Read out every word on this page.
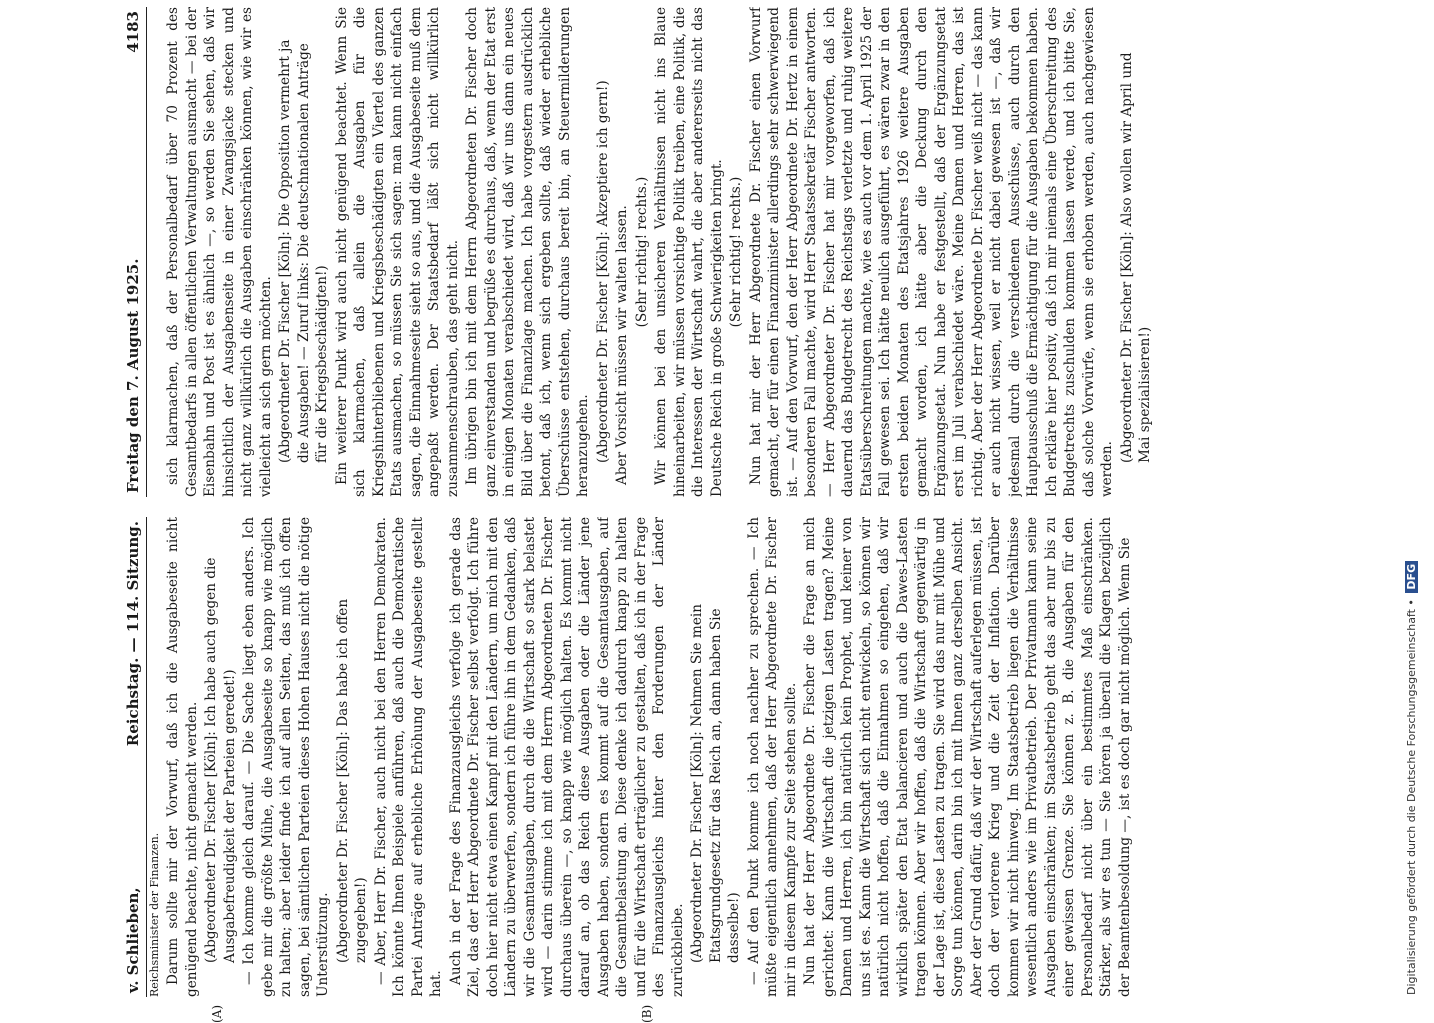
v. Schlieben,
Reichstag. — 114. Sitzung.
Freitag den 7. August 1925.
4183
Reichsminister der Finanzen. Darum sollte mir der Vorwurf, daß ich die Ausgabeseite nicht genügend beachte, nicht gemacht werden. (Abgeordneter Dr. Fischer [Köln]: Ich habe auch gegen die Ausgabefreudigkeit der Parteien geredet!) — Ich komme gleich darauf. — Die Sache liegt eben anders. Ich gebe mir die größte Mühe, die Ausgabeseite so knapp wie möglich zu halten; aber leider finde ich auf allen Seiten, das muß ich offen sagen, bei sämtlichen Parteien dieses Hohen Hauses nicht die nötige Unterstützung. (Abgeordneter Dr. Fischer [Köln]: Das habe ich offen zugegeben!) — Aber, Herr Dr. Fischer, auch nicht bei den Herren Demokraten. Ich könnte Ihnen Beispiele anführen, daß auch die Demokratische Partei Anträge auf erhebliche Erhöhung der Ausgabeseite gestellt hat. Auch in der Frage des Finanzausgleichs verfolge ich gerade das Ziel, das der Herr Abgeordnete Dr. Fischer selbst verfolgt. Ich führe doch hier nicht etwa einen Kampf mit den Ländern, um mich mit den Ländern zu überwerfen, sondern ich führe ihn in dem Gedanken, daß wir die Gesamtausgaben, durch die die Wirtschaft so stark belastet wird — darin stimme ich mit dem Herrn Abgeordneten Dr. Fischer durchaus überein —, so knapp wie möglich halten. Es kommt nicht darauf an, ob das Reich diese Ausgaben oder die Länder jene Ausgaben haben, sondern es kommt auf die Gesamtausgaben, auf die Gesamtbelastung an. Diese denke ich dadurch knapp zu halten und für die Wirtschaft erträglicher zu gestalten, daß ich in der Frage des Finanzausgleichs hinter den Forderungen der Länder zurückbleibe. (Abgeordneter Dr. Fischer [Köln]: Nehmen Sie mein Etatsgrundgesetz für das Reich an, dann haben Sie dasselbe!) — Auf den Punkt komme ich noch nachher zu sprechen. — Ich müßte eigentlich annehmen, daß der Herr Abgeordnete Dr. Fischer mir in diesem Kampfe zur Seite stehen sollte. Nun hat der Herr Abgeordnete Dr. Fischer die Frage an mich gerichtet: Kann die Wirtschaft die jetzigen Lasten tragen? Meine Damen und Herren, ich bin natürlich kein Prophet, und keiner von uns ist es. Kann die Wirtschaft sich nicht entwickeln, so können wir natürlich nicht hoffen, daß die Einnahmen so eingehen, daß wir wirklich später den Etat balancieren und auch die Dawes-Lasten tragen können. Aber wir hoffen, daß die Wirtschaft gegenwärtig in der Lage ist, diese Lasten zu tragen. Sie wird das nur mit Mühe und Sorge tun können, darin bin ich mit Ihnen ganz derselben Ansicht. Aber der Grund dafür, daß wir der Wirtschaft auferlegen müssen, ist doch der verlorene Krieg und die Zeit der Inflation. Darüber kommen wir nicht hinweg. Im Staatsbetrieb liegen die Verhältnisse wesentlich anders wie im Privatbetrieb. Der Privatmann kann seine Ausgaben einschränken; im Staatsbetrieb geht das aber nur bis zu einer gewissen Grenze. Sie können z. B. die Ausgaben für den Personalbedarf nicht über ein bestimmtes Maß einschränken. Stärker, als wir es tun — Sie hören ja überall die Klagen bezüglich der Beamtenbesoldung —, ist es doch gar nicht möglich. Wenn Sie

sich klarmachen, daß der Personalbedarf über 70 Prozent des Gesamtbedarfs in allen öffentlichen Verwaltungen ausmacht — bei der Eisenbahn und Post ist es ähnlich —, so werden Sie sehen, daß wir hinsichtlich der Ausgabenseite in einer Zwangsjacke stecken und nicht ganz willkürlich die Ausgaben einschränken können, wie wir es vielleicht an sich gern möchten. (Abgeordneter Dr. Fischer [Köln]: Die Opposition vermehrt ja die Ausgaben! — Zuruf links: Die deutschnationalen Anträge für die Kriegsbeschädigten!) Ein weiterer Punkt wird auch nicht genügend beachtet. Wenn Sie sich klarmachen, daß allein die Ausgaben für die Kriegshinterbliebenen und Kriegsbeschädigten ein Viertel des ganzen Etats ausmachen, so müssen Sie sich sagen: man kann nicht einfach sagen, die Einnahmeseite sieht so aus, und die Ausgabeseite muß dem angepaßt werden. Der Staatsbedarf läßt sich nicht willkürlich zusammenschrauben, das geht nicht. Im übrigen bin ich mit dem Herrn Abgeordneten Dr. Fischer doch ganz einverstanden und begrüße es durchaus, daß, wenn der Etat erst in einigen Monaten verabschiedet wird, daß wir uns dann ein neues Bild über die Finanzlage machen. Ich habe vorgestern ausdrücklich betont, daß ich, wenn sich ergeben sollte, daß wieder erhebliche Überschüsse entstehen, durchaus bereit bin, an Steuermilderungen heranzugehen. (Abgeordneter Dr. Fischer [Köln]: Akzeptiere ich gern!) Aber Vorsicht müssen wir walten lassen. (Sehr richtig! rechts.) Wir können bei den unsicheren Verhältnissen nicht ins Blaue hineinarbeiten, wir müssen vorsichtige Politik treiben, eine Politik, die die Interessen der Wirtschaft wahrt, die aber andererseits nicht das Deutsche Reich in große Schwierigkeiten bringt. (Sehr richtig! rechts.) Nun hat mir der Herr Abgeordnete Dr. Fischer einen Vorwurf gemacht, der für einen Finanzminister allerdings sehr schwerwiegend ist. — Auf den Vorwurf, den der Herr Abgeordnete Dr. Hertz in einem besonderen Fall machte, wird Herr Staatssekretär Fischer antworten. — Herr Abgeordneter Dr. Fischer hat mir vorgeworfen, daß ich dauernd das Budgetrecht des Reichstags verletzte und ruhig weitere Etatsüberschreitungen machte, wie es auch vor dem 1. April 1925 der Fall gewesen sei. Ich hätte neulich ausgeführt, es wären zwar in den ersten beiden Monaten des Etatsjahres 1926 weitere Ausgaben gemacht worden, ich hätte aber die Deckung durch den Ergänzungsetat. Nun habe er festgestellt, daß der Ergänzungsetat erst im Juli verabschiedet wäre. Meine Damen und Herren, das ist richtig. Aber der Herr Abgeordnete Dr. Fischer weiß nicht — das kann er auch nicht wissen, weil er nicht dabei gewesen ist —, daß wir jedesmal durch die verschiedenen Ausschüsse, auch durch den Hauptausschuß die Ermächtigung für die Ausgaben bekommen haben. Ich erkläre hier positiv, daß ich mir niemals eine Überschreitung des Budgetrechts zuschulden kommen lassen werde, und ich bitte Sie, daß solche Vorwürfe, wenn sie erhoben werden, auch nachgewiesen werden.

(Abgeordneter Dr. Fischer [Köln]: Also wollen wir April und Mai spezialisieren!)

(A)	(B)
Digitalisierung gefördert durch die Deutsche Forschungsgemeinschaft • DFG
